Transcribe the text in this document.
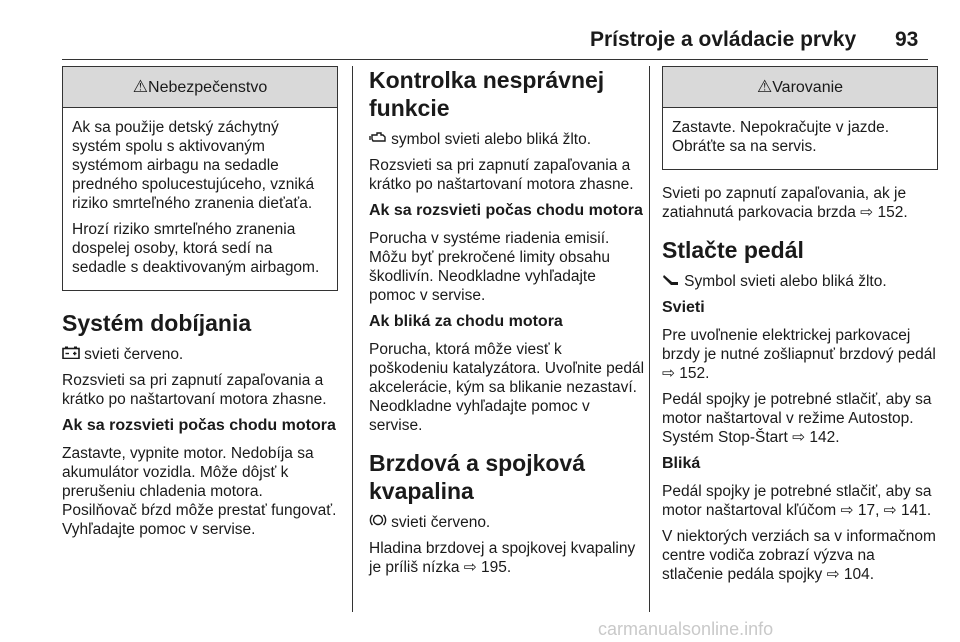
Prístroje a ovládacie prvky 93
⚠Nebezpečenstvo

Ak sa použije detský záchytný systém spolu s aktivovaným systémom airbagu na sedadle predného spolucestujúceho, vzniká riziko smrteľného zranenia dieťaťa.

Hrozí riziko smrteľného zranenia dospelej osoby, ktorá sedí na sedadle s deaktivovaným airbagom.

Systém dobíjania

svieti červeno.

Rozsvieti sa pri zapnutí zapaľovania a krátko po naštartovaní motora zhasne.

Ak sa rozsvieti počas chodu motora

Zastavte, vypnite motor. Nedobíja sa akumulátor vozidla. Môže dôjsť k prerušeniu chladenia motora. Posilňovač bŕzd môže prestať fungovať. Vyhľadajte pomoc v servise.

Kontrolka nesprávnej funkcie

symbol svieti alebo bliká žlto.

Rozsvieti sa pri zapnutí zapaľovania a krátko po naštartovaní motora zhasne.

Ak sa rozsvieti počas chodu motora

Porucha v systéme riadenia emisií. Môžu byť prekročené limity obsahu škodlivín. Neodkladne vyhľadajte pomoc v servise.

Ak bliká za chodu motora

Porucha, ktorá môže viesť k poškodeniu katalyzátora. Uvoľnite pedál akcelerácie, kým sa blikanie nezastaví. Neodkladne vyhľadajte pomoc v servise.

Brzdová a spojková kvapalina

svieti červeno.

Hladina brzdovej a spojkovej kvapaliny je príliš nízka ⇨ 195.

⚠Varovanie

Zastavte. Nepokračujte v jazde. Obráťte sa na servis.

Svieti po zapnutí zapaľovania, ak je zatiahnutá parkovacia brzda ⇨ 152.

Stlačte pedál

Symbol svieti alebo bliká žlto.

Svieti

Pre uvoľnenie elektrickej parkovacej brzdy je nutné zošliapnuť brzdový pedál ⇨ 152.

Pedál spojky je potrebné stlačiť, aby sa motor naštartoval v režime Autostop. Systém Stop-Štart ⇨ 142.

Bliká

Pedál spojky je potrebné stlačiť, aby sa motor naštartoval kľúčom ⇨ 17, ⇨ 141.

V niektorých verziách sa v informačnom centre vodiča zobrazí výzva na stlačenie pedála spojky ⇨ 104.

carmanualsonline.info
